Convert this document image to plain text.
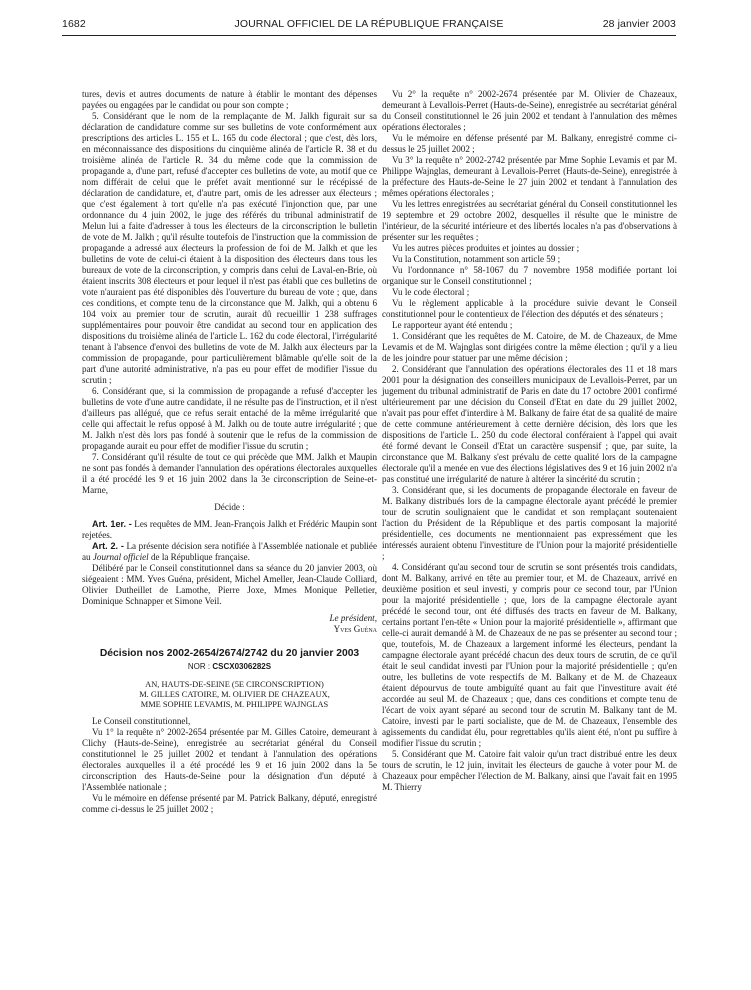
1682	JOURNAL OFFICIEL DE LA RÉPUBLIQUE FRANÇAISE	28 janvier 2003

tures, devis et autres documents de nature à établir le montant des dépenses payées ou engagées par le candidat ou pour son compte ;

5. Considérant que le nom de la remplaçante de M. Jalkh figurait sur sa déclaration de candidature comme sur ses bulletins de vote conformément aux prescriptions des articles L. 155 et L. 165 du code électoral ; que c'est, dès lors, en méconnaissance des dispositions du cinquième alinéa de l'article R. 38 et du troisième alinéa de l'article R. 34 du même code que la commission de propagande a, d'une part, refusé d'accepter ces bulletins de vote, au motif que ce nom différait de celui que le préfet avait mentionné sur le récépissé de déclaration de candidature, et, d'autre part, omis de les adresser aux électeurs ; que c'est également à tort qu'elle n'a pas exécuté l'injonction que, par une ordonnance du 4 juin 2002, le juge des référés du tribunal administratif de Melun lui a faite d'adresser à tous les électeurs de la circonscription le bulletin de vote de M. Jalkh ; qu'il résulte toutefois de l'instruction que la commission de propagande a adressé aux électeurs la profession de foi de M. Jalkh et que les bulletins de vote de celui-ci étaient à la disposition des électeurs dans tous les bureaux de vote de la circonscription, y compris dans celui de Laval-en-Brie, où étaient inscrits 308 électeurs et pour lequel il n'est pas établi que ces bulletins de vote n'auraient pas été disponibles dès l'ouverture du bureau de vote ; que, dans ces conditions, et compte tenu de la circonstance que M. Jalkh, qui a obtenu 6 104 voix au premier tour de scrutin, aurait dû recueillir 1 238 suffrages supplémentaires pour pouvoir être candidat au second tour en application des dispositions du troisième alinéa de l'article L. 162 du code électoral, l'irrégularité tenant à l'absence d'envoi des bulletins de vote de M. Jalkh aux électeurs par la commission de propagande, pour particulièrement blâmable qu'elle soit de la part d'une autorité administrative, n'a pas eu pour effet de modifier l'issue du scrutin ;

6. Considérant que, si la commission de propagande a refusé d'accepter les bulletins de vote d'une autre candidate, il ne résulte pas de l'instruction, et il n'est d'ailleurs pas allégué, que ce refus serait entaché de la même irrégularité que celle qui affectait le refus opposé à M. Jalkh ou de toute autre irrégularité ; que M. Jalkh n'est dès lors pas fondé à soutenir que le refus de la commission de propagande aurait eu pour effet de modifier l'issue du scrutin ;

7. Considérant qu'il résulte de tout ce qui précède que MM. Jalkh et Maupin ne sont pas fondés à demander l'annulation des opérations électorales auxquelles il a été procédé les 9 et 16 juin 2002 dans la 3e circonscription de Seine-et-Marne,

Décide :

Art. 1er. - Les requêtes de MM. Jean-François Jalkh et Frédéric Maupin sont rejetées.

Art. 2. - La présente décision sera notifiée à l'Assemblée nationale et publiée au Journal officiel de la République française.

Délibéré par le Conseil constitutionnel dans sa séance du 20 janvier 2003, où siégeaient : MM. Yves Guéna, président, Michel Ameller, Jean-Claude Colliard, Olivier Dutheillet de Lamothe, Pierre Joxe, Mmes Monique Pelletier, Dominique Schnapper et Simone Veil.

Le président,

Yves Guéna

Décision nos 2002-2654/2674/2742 du 20 janvier 2003
NOR : CSCX0306282S

AN, HAUTS-DE-SEINE (5E CIRCONSCRIPTION)

M. GILLES CATOIRE, M. OLIVIER DE CHAZEAUX,

MME SOPHIE LEVAMIS, M. PHILIPPE WAJNGLAS

Le Conseil constitutionnel,

Vu 1° la requête n° 2002-2654 présentée par M. Gilles Catoire, demeurant à Clichy (Hauts-de-Seine), enregistrée au secrétariat général du Conseil constitutionnel le 25 juillet 2002 et tendant à l'annulation des opérations électorales auxquelles il a été procédé les 9 et 16 juin 2002 dans la 5e circonscription des Hauts-de-Seine pour la désignation d'un député à l'Assemblée nationale ;

Vu le mémoire en défense présenté par M. Patrick Balkany, député, enregistré comme ci-dessus le 25 juillet 2002 ;

Vu 2° la requête n° 2002-2674 présentée par M. Olivier de Chazeaux, demeurant à Levallois-Perret (Hauts-de-Seine), enregistrée au secrétariat général du Conseil constitutionnel le 26 juin 2002 et tendant à l'annulation des mêmes opérations électorales ;

Vu le mémoire en défense présenté par M. Balkany, enregistré comme ci-dessus le 25 juillet 2002 ;

Vu 3° la requête n° 2002-2742 présentée par Mme Sophie Levamis et par M. Philippe Wajnglas, demeurant à Levallois-Perret (Hauts-de-Seine), enregistrée à la préfecture des Hauts-de-Seine le 27 juin 2002 et tendant à l'annulation des mêmes opérations électorales ;

Vu les lettres enregistrées au secrétariat général du Conseil constitutionnel les 19 septembre et 29 octobre 2002, desquelles il résulte que le ministre de l'intérieur, de la sécurité intérieure et des libertés locales n'a pas d'observations à présenter sur les requêtes ;

Vu les autres pièces produites et jointes au dossier ;

Vu la Constitution, notamment son article 59 ;

Vu l'ordonnance n° 58-1067 du 7 novembre 1958 modifiée portant loi organique sur le Conseil constitutionnel ;

Vu le code électoral ;

Vu le règlement applicable à la procédure suivie devant le Conseil constitutionnel pour le contentieux de l'élection des députés et des sénateurs ;

Le rapporteur ayant été entendu ;

1. Considérant que les requêtes de M. Catoire, de M. de Chazeaux, de Mme Levamis et de M. Wajnglas sont dirigées contre la même élection ; qu'il y a lieu de les joindre pour statuer par une même décision ;

2. Considérant que l'annulation des opérations électorales des 11 et 18 mars 2001 pour la désignation des conseillers municipaux de Levallois-Perret, par un jugement du tribunal administratif de Paris en date du 17 octobre 2001 confirmé ultérieurement par une décision du Conseil d'Etat en date du 29 juillet 2002, n'avait pas pour effet d'interdire à M. Balkany de faire état de sa qualité de maire de cette commune antérieurement à cette dernière décision, dès lors que les dispositions de l'article L. 250 du code électoral conféraient à l'appel qui avait été formé devant le Conseil d'Etat un caractère suspensif ; que, par suite, la circonstance que M. Balkany s'est prévalu de cette qualité lors de la campagne électorale qu'il a menée en vue des élections législatives des 9 et 16 juin 2002 n'a pas constitué une irrégularité de nature à altérer la sincérité du scrutin ;

3. Considérant que, si les documents de propagande électorale en faveur de M. Balkany distribués lors de la campagne électorale ayant précédé le premier tour de scrutin soulignaient que le candidat et son remplaçant soutenaient l'action du Président de la République et des partis composant la majorité présidentielle, ces documents ne mentionnaient pas expressément que les intéressés auraient obtenu l'investiture de l'Union pour la majorité présidentielle ;

4. Considérant qu'au second tour de scrutin se sont présentés trois candidats, dont M. Balkany, arrivé en tête au premier tour, et M. de Chazeaux, arrivé en deuxième position et seul investi, y compris pour ce second tour, par l'Union pour la majorité présidentielle ; que, lors de la campagne électorale ayant précédé le second tour, ont été diffusés des tracts en faveur de M. Balkany, certains portant l'en-tête « Union pour la majorité présidentielle », affirmant que celle-ci aurait demandé à M. de Chazeaux de ne pas se présenter au second tour ; que, toutefois, M. de Chazeaux a largement informé les électeurs, pendant la campagne électorale ayant précédé chacun des deux tours de scrutin, de ce qu'il était le seul candidat investi par l'Union pour la majorité présidentielle ; qu'en outre, les bulletins de vote respectifs de M. Balkany et de M. de Chazeaux étaient dépourvus de toute ambiguïté quant au fait que l'investiture avait été accordée au seul M. de Chazeaux ; que, dans ces conditions et compte tenu de l'écart de voix ayant séparé au second tour de scrutin M. Balkany tant de M. Catoire, investi par le parti socialiste, que de M. de Chazeaux, l'ensemble des agissements du candidat élu, pour regrettables qu'ils aient été, n'ont pu suffire à modifier l'issue du scrutin ;

5. Considérant que M. Catoire fait valoir qu'un tract distribué entre les deux tours de scrutin, le 12 juin, invitait les électeurs de gauche à voter pour M. de Chazeaux pour empêcher l'élection de M. Balkany, ainsi que l'avait fait en 1995 M. Thierry
